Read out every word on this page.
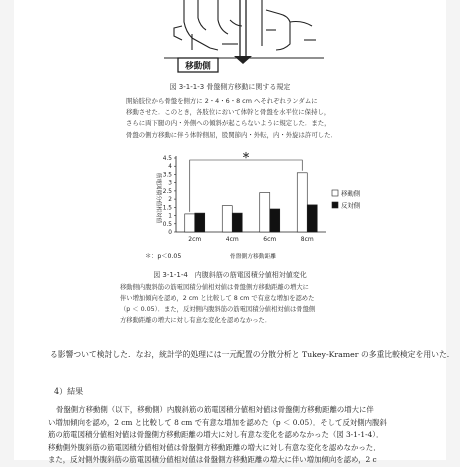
移動側
図 3-1-1-3 骨盤側方移動に関する規定
開始肢位から骨盤を側方に 2・4・6・8 cm へそれぞれランダムに
移動させた．このとき，各肢位において体幹と骨盤を水平位に保持し，
さらに両下腿の内・外側への傾斜が起こらないように規定した．また，
骨盤の側方移動に伴う体幹側屈，股関節内・外転，内・外旋は許可した．
0
0.5
1
1.5
2
2.5
3
3.5
4
4.5
2cm	4cm	6cm	8cm
筋電図積分値相対値
骨盤側方移動距離
＊：p＜0.05
＊
移動側
反対側
図 3-1-1-4　内腹斜筋の筋電図積分値相対値変化
移動側内腹斜筋の筋電図積分値相対値は骨盤側方移動距離の増大に
伴い増加傾向を認め，2 cm と比較して 8 cm で有意な増加を認めた
（p ＜ 0.05）．また，反対側内腹斜筋の筋電図積分値相対値は骨盤側
方移動距離の増大に対し有意な変化を認めなかった．
る影響ついて検討した．なお，統計学的処理には一元配置の分散分析と Tukey-Kramer の多重比較検定を用いた．
4）結果
骨盤側方移動側（以下，移動側）内腹斜筋の筋電図積分値相対値は骨盤側方移動距離の増大に伴
い増加傾向を認め，2 cm と比較して 8 cm で有意な増加を認めた（p ＜ 0.05）．そして反対側内腹斜
筋の筋電図積分値相対値は骨盤側方移動距離の増大に対し有意な変化を認めなかった（図 3-1-1-4）．
移動側外腹斜筋の筋電図積分値相対値は骨盤側方移動距離の増大に対し有意な変化を認めなかった．
また，反対側外腹斜筋の筋電図積分値相対値は骨盤側方移動距離の増大に伴い増加傾向を認め，2 c
